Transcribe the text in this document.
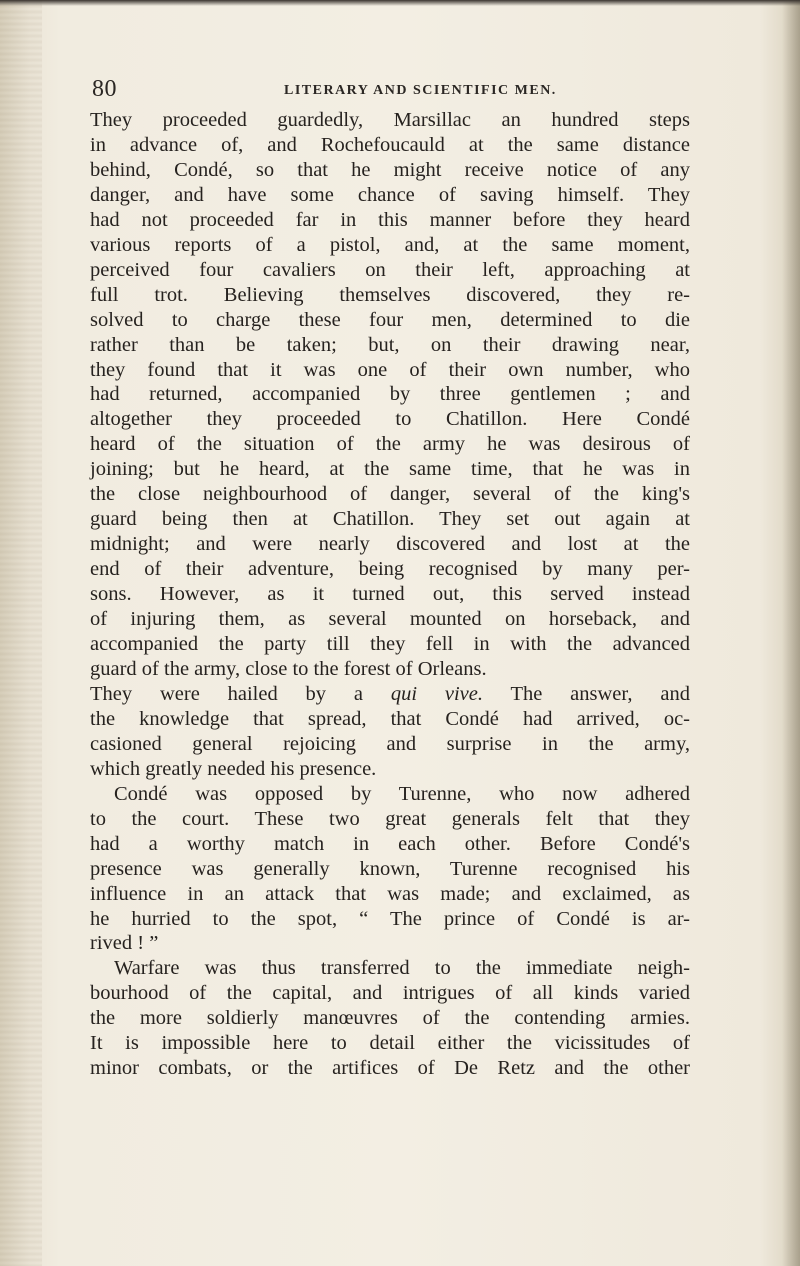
80	LITERARY AND SCIENTIFIC MEN.
They proceeded guardedly, Marsillac an hundred steps
in advance of, and Rochefoucauld at the same distance
behind, Condé, so that he might receive notice of any
danger, and have some chance of saving himself. They
had not proceeded far in this manner before they heard
various reports of a pistol, and, at the same moment,
perceived four cavaliers on their left, approaching at
full trot. Believing themselves discovered, they re-
solved to charge these four men, determined to die
rather than be taken; but, on their drawing near,
they found that it was one of their own number, who
had returned, accompanied by three gentlemen ; and
altogether they proceeded to Chatillon. Here Condé
heard of the situation of the army he was desirous of
joining; but he heard, at the same time, that he was in
the close neighbourhood of danger, several of the king's
guard being then at Chatillon. They set out again at
midnight; and were nearly discovered and lost at the
end of their adventure, being recognised by many per-
sons. However, as it turned out, this served instead
of injuring them, as several mounted on horseback, and
accompanied the party till they fell in with the advanced
guard of the army, close to the forest of Orleans.
They were hailed by a qui vive. The answer, and
the knowledge that spread, that Condé had arrived, oc-
casioned general rejoicing and surprise in the army,
which greatly needed his presence.
Condé was opposed by Turenne, who now adhered
to the court. These two great generals felt that they
had a worthy match in each other. Before Condé's
presence was generally known, Turenne recognised his
influence in an attack that was made; and exclaimed, as
he hurried to the spot, “ The prince of Condé is ar-
rived ! ”
Warfare was thus transferred to the immediate neigh-
bourhood of the capital, and intrigues of all kinds varied
the more soldierly manœuvres of the contending armies.
It is impossible here to detail either the vicissitudes of
minor combats, or the artifices of De Retz and the other
